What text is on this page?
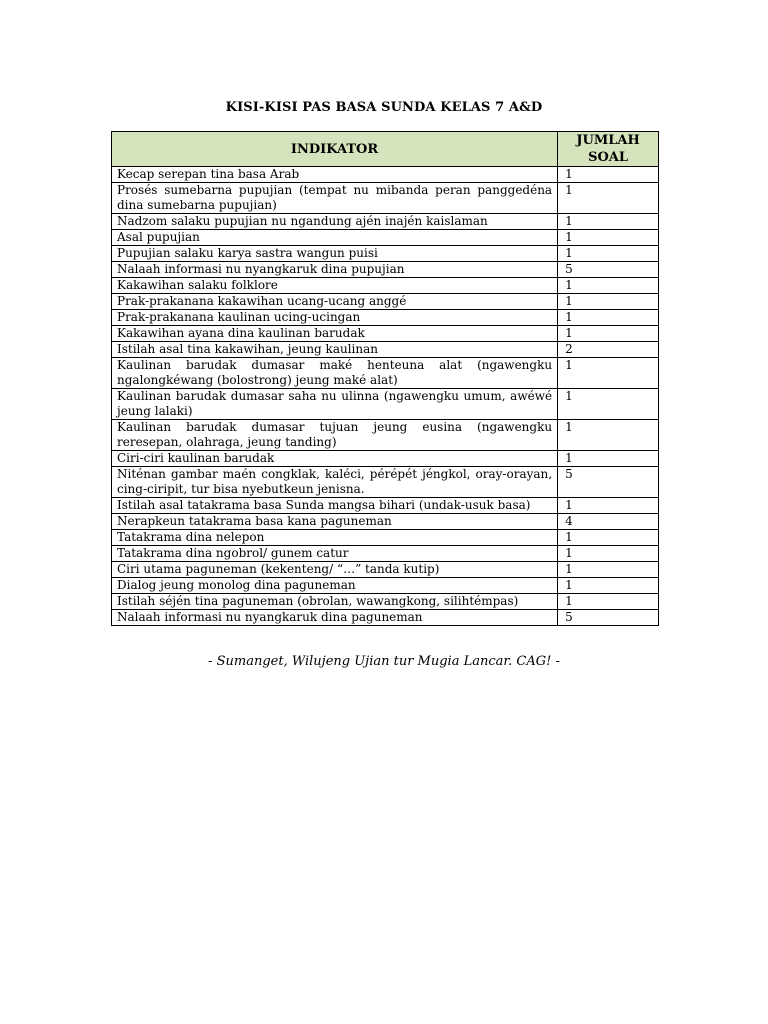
KISI-KISI PAS BASA SUNDA KELAS 7 A&D
INDIKATOR	JUMLAH SOAL
Kecap serepan tina basa Arab	1
Prosés sumebarna pupujian (tempat nu mibanda peran panggedéna dina sumebarna pupujian)	1
Nadzom salaku pupujian nu ngandung ajén inajén kaislaman	1
Asal pupujian	1
Pupujian salaku karya sastra wangun puisi	1
Nalaah informasi nu nyangkaruk dina pupujian	5
Kakawihan salaku folklore	1
Prak-prakanana kakawihan ucang-ucang anggé	1
Prak-prakanana kaulinan ucing-ucingan	1
Kakawihan ayana dina kaulinan barudak	1
Istilah asal tina kakawihan, jeung kaulinan	2
Kaulinan barudak dumasar maké henteuna alat (ngawengku ngalongkéwang (bolostrong) jeung maké alat)	1
Kaulinan barudak dumasar saha nu ulinna (ngawengku umum, awéwé jeung lalaki)	1
Kaulinan barudak dumasar tujuan jeung eusina (ngawengku reresepan, olahraga, jeung tanding)	1
Ciri-ciri kaulinan barudak	1
Niténan gambar maén congklak, kaléci, pérépét jéngkol, oray-orayan, cing-ciripit, tur bisa nyebutkeun jenisna.	5
Istilah asal tatakrama basa Sunda mangsa bihari (undak-usuk basa)	1
Nerapkeun tatakrama basa kana paguneman	4
Tatakrama dina nelepon	1
Tatakrama dina ngobrol/ gunem catur	1
Ciri utama paguneman (kekenteng/ “…” tanda kutip)	1
Dialog jeung monolog dina paguneman	1
Istilah séjén tina paguneman (obrolan, wawangkong, silihtémpas)	1
Nalaah informasi nu nyangkaruk dina paguneman	5
- Sumanget, Wilujeng Ujian tur Mugia Lancar. CAG! -
